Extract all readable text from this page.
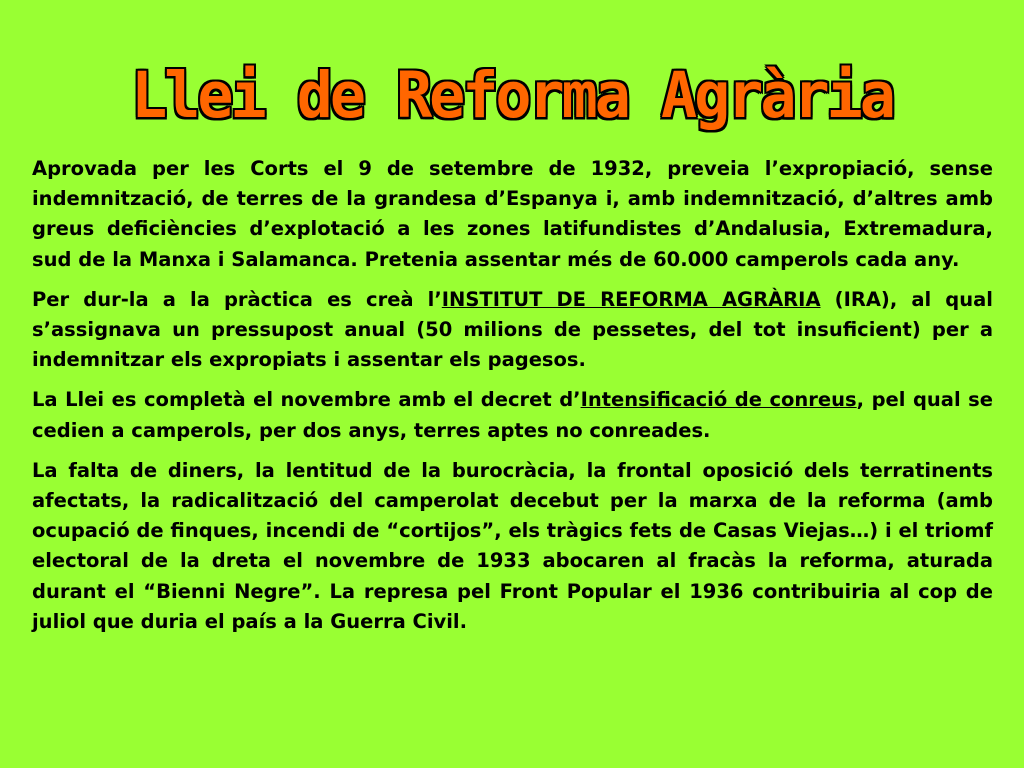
Llei de Reforma Agrària

Aprovada per les Corts el 9 de setembre de 1932, preveia l’expropiació, sense indemnització, de terres de la grandesa d’Espanya i, amb indemnització, d’altres amb greus deficiències d’explotació a les zones latifundistes d’Andalusia, Extremadura, sud de la Manxa i Salamanca. Pretenia assentar més de 60.000 camperols cada any.

Per dur-la a la pràctica es creà l’INSTITUT DE REFORMA AGRÀRIA (IRA), al qual s’assignava un pressupost anual (50 milions de pessetes, del tot insuficient) per a indemnitzar els expropiats i assentar els pagesos.

La Llei es completà el novembre amb el decret d’Intensificació de conreus, pel qual se cedien a camperols, per dos anys, terres aptes no conreades.

La falta de diners, la lentitud de la burocràcia, la frontal oposició dels terratinents afectats, la radicalització del camperolat decebut per la marxa de la reforma (amb ocupació de finques, incendi de “cortijos”, els tràgics fets de Casas Viejas…) i el triomf electoral de la dreta el novembre de 1933 abocaren al fracàs la reforma, aturada durant el “Bienni Negre”. La represa pel Front Popular el 1936 contribuiria al cop de juliol que duria el país a la Guerra Civil.
